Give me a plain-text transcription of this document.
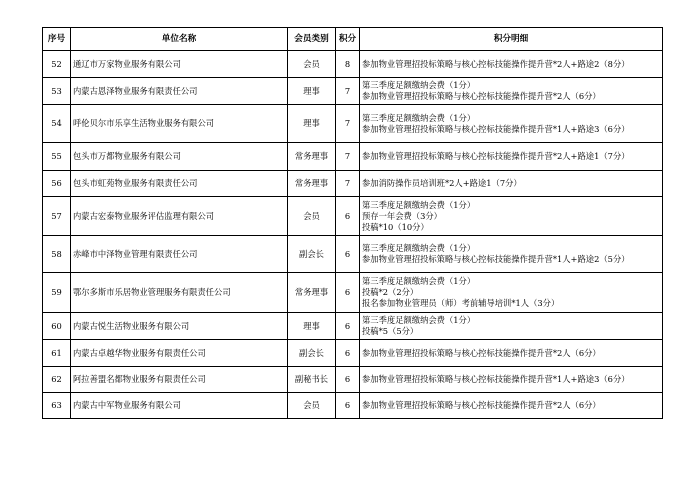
序号	单位名称	会员类别	积分	积分明细
52	通辽市万家物业服务有限公司	会员	8	参加物业管理招投标策略与核心控标技能操作提升营*2人+路途2（8分）
53	内蒙古恩泽物业服务有限责任公司	理事	7	第三季度足额缴纳会费（1分）
参加物业管理招投标策略与核心控标技能操作提升营*2人（6分）
54	呼伦贝尔市乐享生活物业服务有限公司	理事	7	第三季度足额缴纳会费（1分）
参加物业管理招投标策略与核心控标技能操作提升营*1人+路途3（6分）
55	包头市万都物业服务有限公司	常务理事	7	参加物业管理招投标策略与核心控标技能操作提升营*2人+路途1（7分）
56	包头市虹苑物业服务有限责任公司	常务理事	7	参加消防操作员培训班*2人+路途1（7分）
57	内蒙古宏泰物业服务评估监理有限公司	会员	6	第三季度足额缴纳会费（1分）
预存一年会费（3分）
投稿*10（10分）
58	赤峰市中泽物业管理有限责任公司	副会长	6	第三季度足额缴纳会费（1分）
参加物业管理招投标策略与核心控标技能操作提升营*1人+路途2（5分）
59	鄂尔多斯市乐居物业管理服务有限责任公司	常务理事	6	第三季度足额缴纳会费（1分）
投稿*2（2分）
报名参加物业管理员（师）考前辅导培训*1人（3分）
60	内蒙古悦生活物业服务有限公司	理事	6	第三季度足额缴纳会费（1分）
投稿*5（5分）
61	内蒙古卓越华物业服务有限责任公司	副会长	6	参加物业管理招投标策略与核心控标技能操作提升营*2人（6分）
62	阿拉善盟名都物业服务有限责任公司	副秘书长	6	参加物业管理招投标策略与核心控标技能操作提升营*1人+路途3（6分）
63	内蒙古中军物业服务有限公司	会员	6	参加物业管理招投标策略与核心控标技能操作提升营*2人（6分）
